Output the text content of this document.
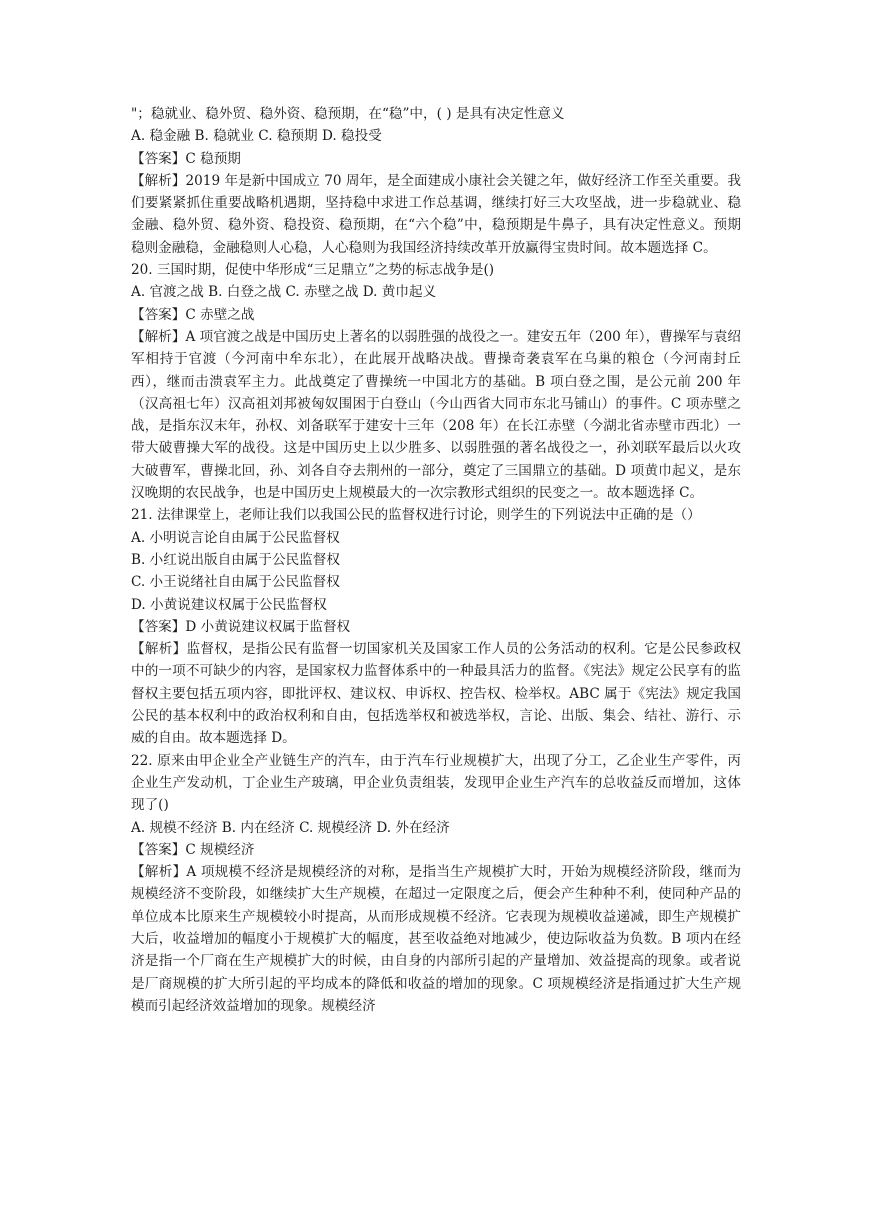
"；稳就业、稳外贸、稳外资、稳预期，在“稳”中，( ) 是具有决定性意义

A. 稳金融 B. 稳就业 C. 稳预期 D. 稳投受

【答案】C 稳预期

【解析】2019 年是新中国成立 70 周年，是全面建成小康社会关键之年，做好经济工作至关重要。我们要紧紧抓住重要战略机遇期，坚持稳中求进工作总基调，继续打好三大攻坚战，进一步稳就业、稳金融、稳外贸、稳外资、稳投资、稳预期，在“六个稳”中，稳预期是牛鼻子，具有决定性意义。预期稳则金融稳，金融稳则人心稳，人心稳则为我国经济持续改革开放赢得宝贵时间。故本题选择 C。

20. 三国时期，促使中华形成“三足鼎立”之势的标志战争是()

A. 官渡之战 B. 白登之战 C. 赤壁之战 D. 黄巾起义

【答案】C 赤壁之战

【解析】A 项官渡之战是中国历史上著名的以弱胜强的战役之一。建安五年（200 年），曹操军与袁绍军相持于官渡（今河南中牟东北），在此展开战略决战。曹操奇袭袁军在乌巢的粮仓（今河南封丘西），继而击溃袁军主力。此战奠定了曹操统一中国北方的基础。B 项白登之围，是公元前 200 年（汉高祖七年）汉高祖刘邦被匈奴围困于白登山（今山西省大同市东北马铺山）的事件。C 项赤壁之战，是指东汉末年，孙权、刘备联军于建安十三年（208 年）在长江赤壁（今湖北省赤壁市西北）一带大破曹操大军的战役。这是中国历史上以少胜多、以弱胜强的著名战役之一，孙刘联军最后以火攻大破曹军，曹操北回，孙、刘各自夺去荆州的一部分，奠定了三国鼎立的基础。D 项黄巾起义，是东汉晚期的农民战争，也是中国历史上规模最大的一次宗教形式组织的民变之一。故本题选择 C。

21. 法律课堂上，老师让我们以我国公民的监督权进行讨论，则学生的下列说法中正确的是（）

A. 小明说言论自由属于公民监督权

B. 小红说出版自由属于公民监督权

C. 小王说绪社自由属于公民监督权

D. 小黄说建议权属于公民监督权

【答案】D 小黄说建议权属于监督权

【解析】监督权，是指公民有监督一切国家机关及国家工作人员的公务活动的权利。它是公民参政权中的一项不可缺少的内容，是国家权力监督体系中的一种最具活力的监督。《宪法》规定公民享有的监督权主要包括五项内容，即批评权、建议权、申诉权、控告权、检举权。ABC 属于《宪法》规定我国公民的基本权利中的政治权利和自由，包括选举权和被选举权，言论、出版、集会、结社、游行、示威的自由。故本题选择 D。

22. 原来由甲企业全产业链生产的汽车，由于汽车行业规模扩大，出现了分工，乙企业生产零件，丙企业生产发动机，丁企业生产玻璃，甲企业负责组装，发现甲企业生产汽车的总收益反而增加，这体现了()

A. 规模不经济 B. 内在经济 C. 规模经济 D. 外在经济

【答案】C 规模经济

【解析】A 项规模不经济是规模经济的对称，是指当生产规模扩大时，开始为规模经济阶段，继而为规模经济不变阶段，如继续扩大生产规模，在超过一定限度之后，便会产生种种不利，使同种产品的单位成本比原来生产规模较小时提高，从而形成规模不经济。它表现为规模收益递减，即生产规模扩大后，收益增加的幅度小于规模扩大的幅度，甚至收益绝对地减少，使边际收益为负数。B 项内在经济是指一个厂商在生产规模扩大的时候，由自身的内部所引起的产量增加、效益提高的现象。或者说是厂商规模的扩大所引起的平均成本的降低和收益的增加的现象。C 项规模经济是指通过扩大生产规模而引起经济效益增加的现象。规模经济
